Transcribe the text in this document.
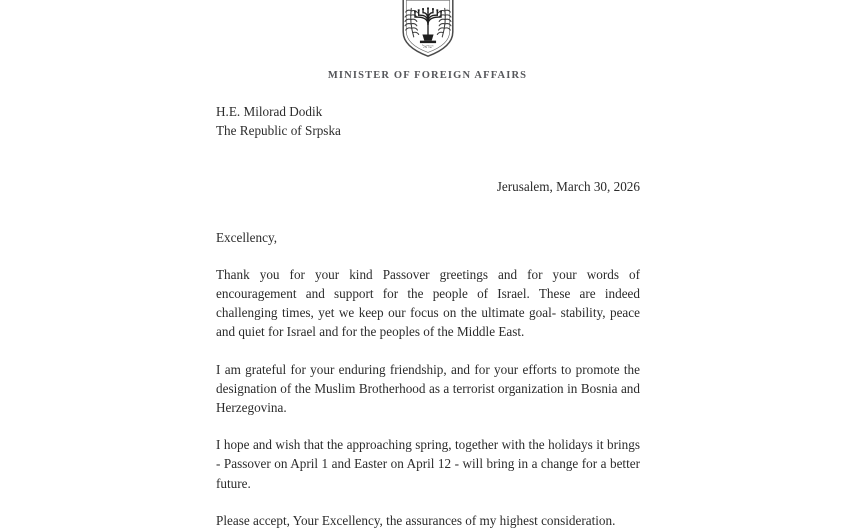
ישראל
MINISTER OF FOREIGN AFFAIRS
H.E. Milorad Dodik
The Republic of Srpska
Jerusalem, March 30, 2026
Excellency,

Thank you for your kind Passover greetings and for your words of encouragement and support for the people of Israel. These are indeed challenging times, yet we keep our focus on the ultimate goal- stability, peace and quiet for Israel and for the peoples of the Middle East.

I am grateful for your enduring friendship, and for your efforts to promote the designation of the Muslim Brotherhood as a terrorist organization in Bosnia and Herzegovina.

I hope and wish that the approaching spring, together with the holidays it brings - Passover on April 1 and Easter on April 12 - will bring in a change for a better future.

Please accept, Your Excellency, the assurances of my highest consideration.
